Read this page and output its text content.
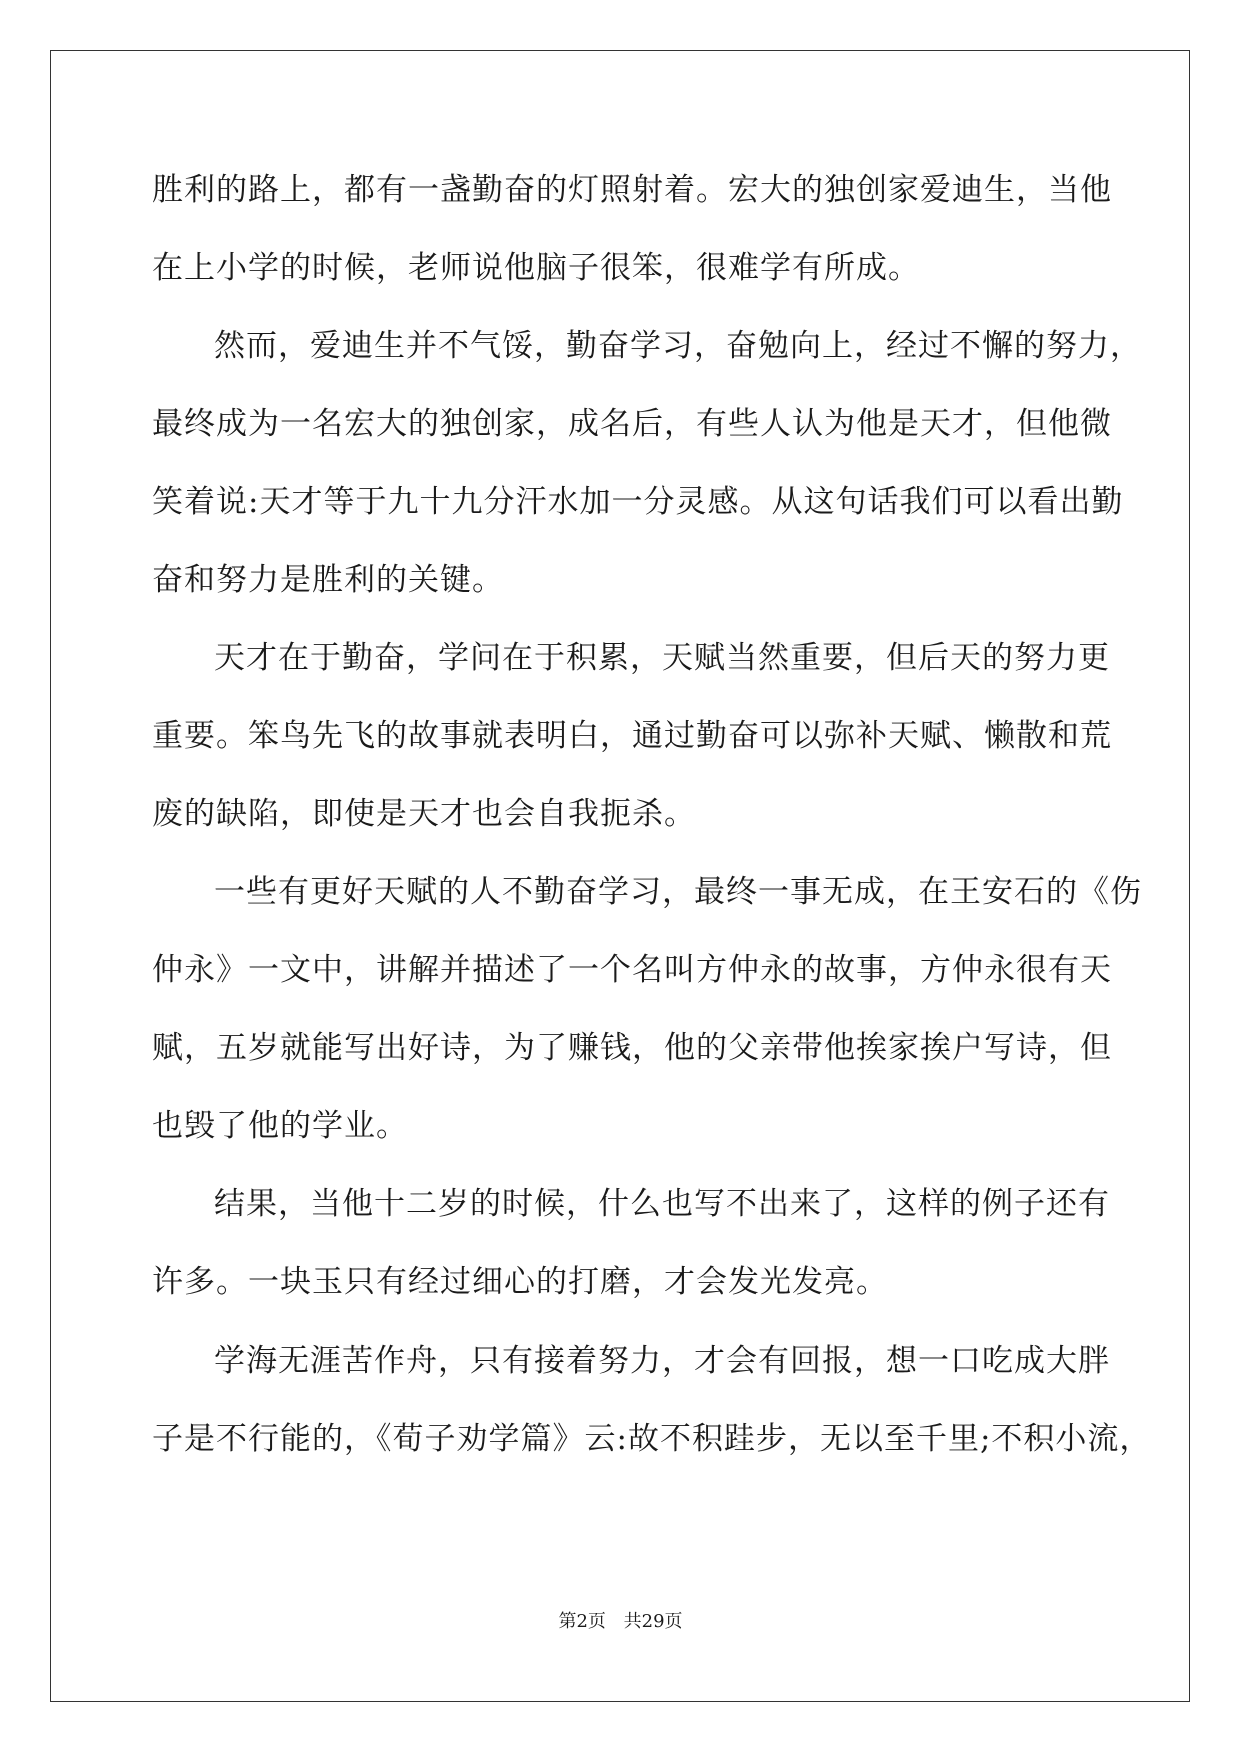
胜利的路上，都有一盏勤奋的灯照射着。宏大的独创家爱迪生，当他
在上小学的时候，老师说他脑子很笨，很难学有所成。
然而，爱迪生并不气馁，勤奋学习，奋勉向上，经过不懈的努力，
最终成为一名宏大的独创家，成名后，有些人认为他是天才，但他微
笑着说:天才等于九十九分汗水加一分灵感。从这句话我们可以看出勤
奋和努力是胜利的关键。
天才在于勤奋，学问在于积累，天赋当然重要，但后天的努力更
重要。笨鸟先飞的故事就表明白，通过勤奋可以弥补天赋、懒散和荒
废的缺陷，即使是天才也会自我扼杀。
一些有更好天赋的人不勤奋学习，最终一事无成，在王安石的《伤
仲永》一文中，讲解并描述了一个名叫方仲永的故事，方仲永很有天
赋，五岁就能写出好诗，为了赚钱，他的父亲带他挨家挨户写诗，但
也毁了他的学业。
结果，当他十二岁的时候，什么也写不出来了，这样的例子还有
许多。一块玉只有经过细心的打磨，才会发光发亮。
学海无涯苦作舟，只有接着努力，才会有回报，想一口吃成大胖
子是不行能的，《荀子劝学篇》云:故不积跬步，无以至千里;不积小流，
第2页 共29页
